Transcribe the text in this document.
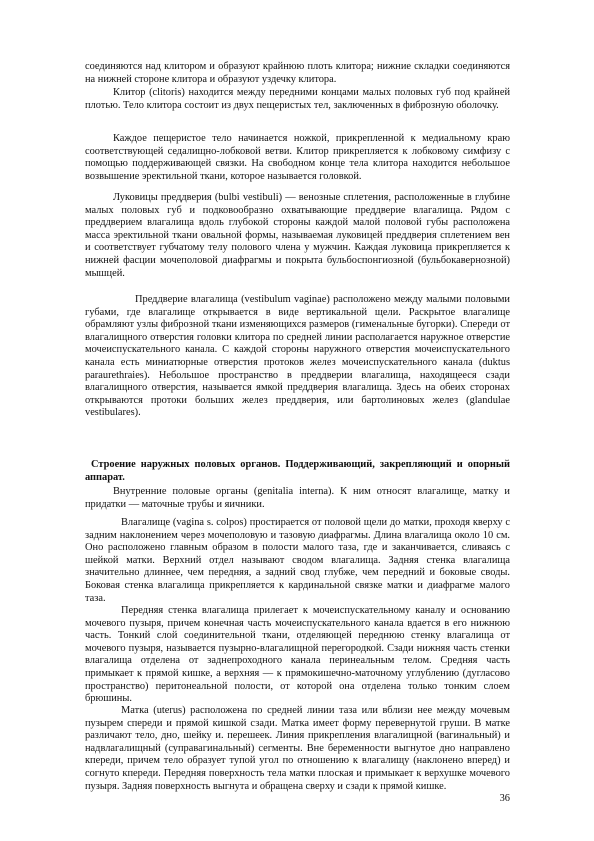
соединяются над клитором и образуют крайнюю плоть клитора; нижние складки соединяются на нижней стороне клитора и образуют уздечку клитора.

Клитор (clitoris) находится между передними концами малых половых губ под крайней плотью. Тело клитора состоит из двух пещеристых тел, заключенных в фиброзную оболочку.

Каждое пещеристое тело начинается ножкой, прикрепленной к медиальному краю соответствующей седалищно-лобковой ветви. Клитор прикрепляется к лобковому симфизу с помощью поддерживающей связки. На свободном конце тела клитора находится небольшое возвышение эректильной ткани, которое называется головкой.

Луковицы преддверия (bulbi vestibuli) — венозные сплетения, расположенные в глубине малых половых губ и подковообразно охватывающие преддверие влагалища. Рядом с преддверием влагалища вдоль глубокой стороны каждой малой половой губы расположена масса эректильной ткани овальной формы, называемая луковицей преддверия сплетением вен и соответствует губчатому телу полового члена у мужчин. Каждая луковица прикрепляется к нижней фасции мочеполовой диафрагмы и покрыта бульбоспонгиозной (бульбокавернозной) мышцей.

Преддверие влагалища (vestibulum vaginae) расположено между малыми половыми губами, где влагалище открывается в виде вертикальной щели. Раскрытое влагалище обрамляют узлы фиброзной ткани изменяющихся размеров (гименальные бугорки). Спереди от влагалищного отверстия головки клитора по средней линии располагается наружное отверстие мочеиспускательного канала. С каждой стороны наружного отверстия мочеиспускательного канала есть миниатюрные отверстия протоков желез мочеиспускательного канала (duktus paraurethraies). Небольшое пространство в преддверии влагалища, находящееся сзади влагалищного отверстия, называется ямкой преддверия влагалища. Здесь на обеих сторонах открываются протоки больших желез преддверия, или бартолиновых желез (glandulae vestibulares).

Строение наружных половых органов. Поддерживающий, закрепляющий и опорный аппарат.

Внутренние половые органы (genitalia interna). К ним относят влагалище, матку и придатки — маточные трубы и яичники.

Влагалище (vagina s. colpos) простирается от половой щели до матки, проходя кверху с задним наклонением через мочеполовую и тазовую диафрагмы. Длина влагалища около 10 см. Оно расположено главным образом в полости малого таза, где и заканчивается, сливаясь с шейкой матки. Верхний отдел называют сводом влагалища. Задняя стенка влагалища значительно длиннее, чем передняя, а задний свод глубже, чем передний и боковые своды. Боковая стенка влагалища прикрепляется к кардинальной связке матки и диафрагме малого таза.

Передняя стенка влагалища прилегает к мочеиспускательному каналу и основанию мочевого пузыря, причем конечная часть мочеиспускательного канала вдается в его нижнюю часть. Тонкий слой соединительной ткани, отделяющей переднюю стенку влагалища от мочевого пузыря, называется пузырно-влагалищной перегородкой. Сзади нижняя часть стенки влагалища отделена от заднепроходного канала перинеальным телом. Средняя часть примыкает к прямой кишке, а верхняя — к прямокишечно-маточному углублению (дугласово пространство) перитонеальной полости, от которой она отделена только тонким слоем брюшины.

Матка (uterus) расположена по средней линии таза или вблизи нее между мочевым пузырем спереди и прямой кишкой сзади. Матка имеет форму перевернутой груши. В матке различают тело, дно, шейку и. перешеек. Линия прикрепления влагалищной (вагинальный) и надвлагалищный (суправагинальный) сегменты. Вне беременности выгнутое дно направлено кпереди, причем тело образует тупой угол по отношению к влагалищу (наклонено вперед) и согнуто кпереди. Передняя поверхность тела матки плоская и примыкает к верхушке мочевого пузыря. Задняя поверхность выгнута и обращена сверху и сзади к прямой кишке.

36
